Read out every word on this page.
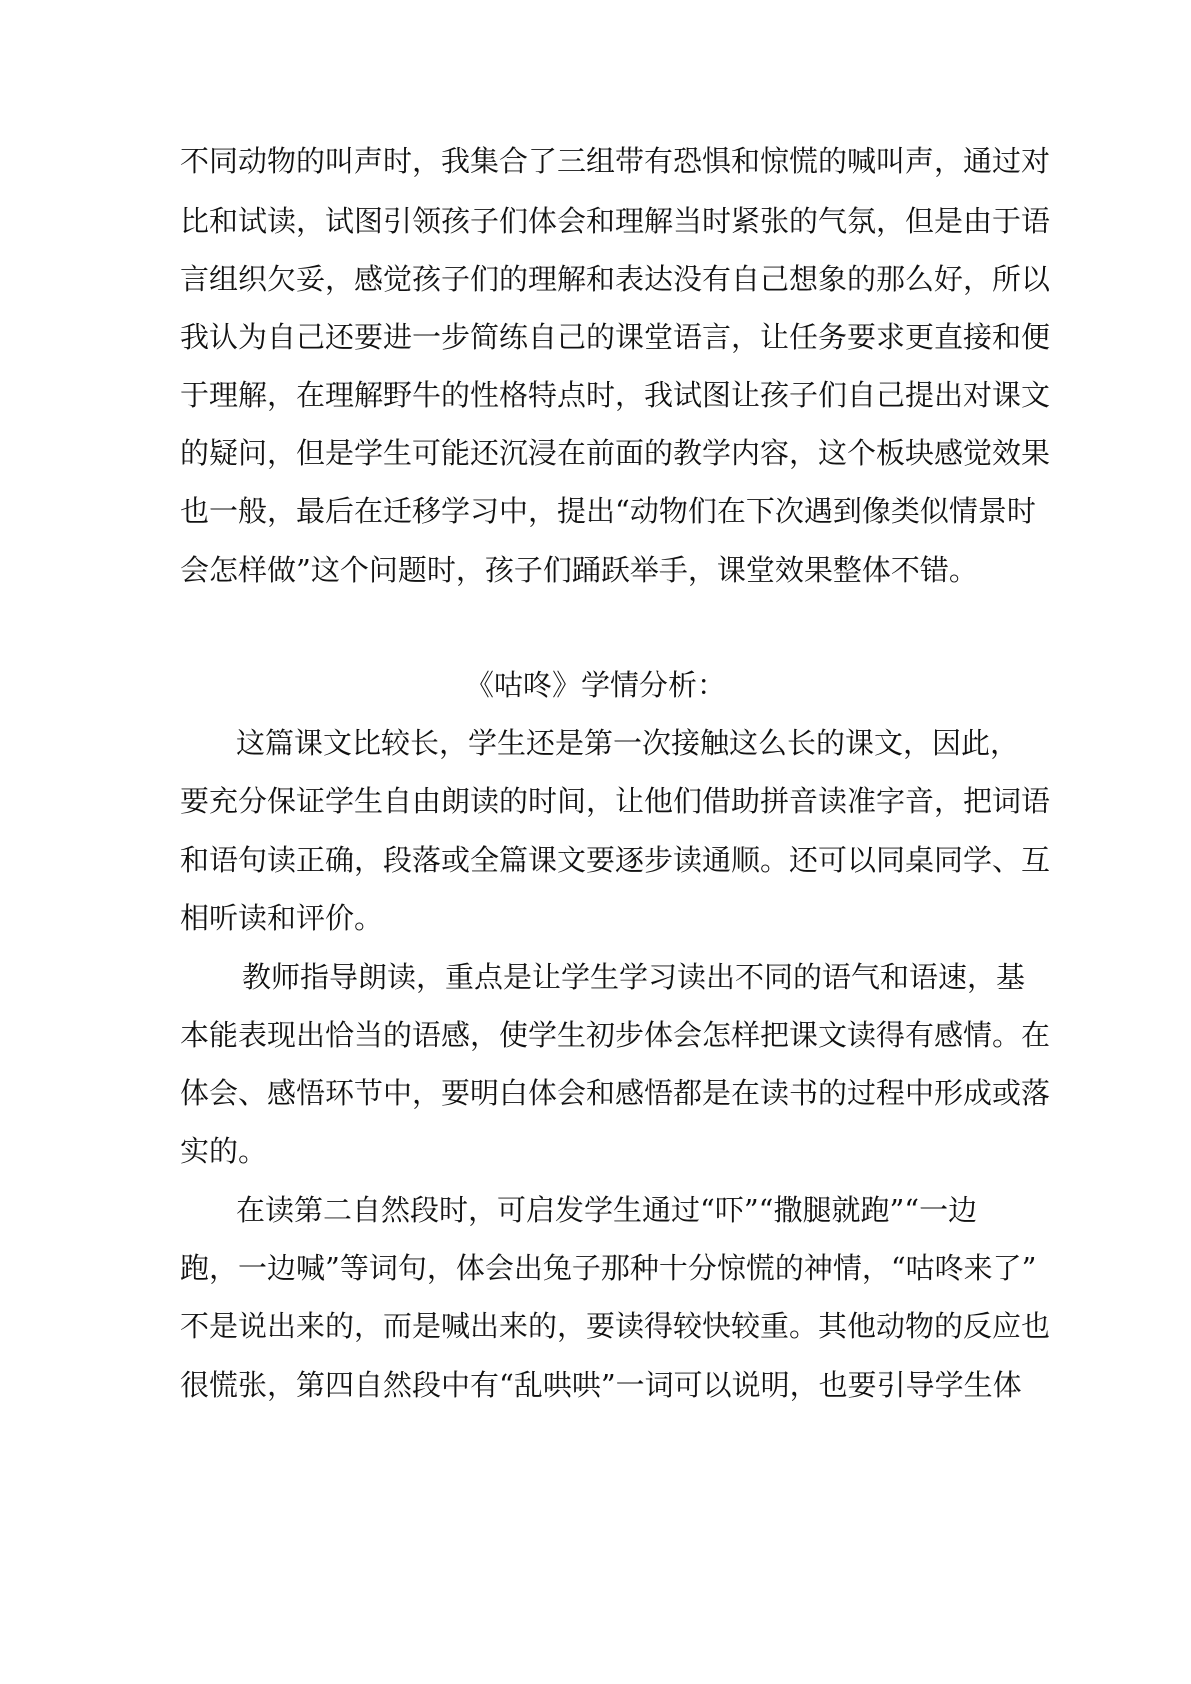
不同动物的叫声时，我集合了三组带有恐惧和惊慌的喊叫声，通过对
比和试读，试图引领孩子们体会和理解当时紧张的气氛，但是由于语
言组织欠妥，感觉孩子们的理解和表达没有自己想象的那么好，所以
我认为自己还要进一步简练自己的课堂语言，让任务要求更直接和便
于理解，在理解野牛的性格特点时，我试图让孩子们自己提出对课文
的疑问，但是学生可能还沉浸在前面的教学内容，这个板块感觉效果
也一般，最后在迁移学习中，提出“动物们在下次遇到像类似情景时
会怎样做”这个问题时，孩子们踊跃举手，课堂效果整体不错。
《咕咚》学情分析：
这篇课文比较长，学生还是第一次接触这么长的课文，因此，
要充分保证学生自由朗读的时间，让他们借助拼音读准字音，把词语
和语句读正确，段落或全篇课文要逐步读通顺。还可以同桌同学、互
相听读和评价。
教师指导朗读，重点是让学生学习读出不同的语气和语速，基
本能表现出恰当的语感，使学生初步体会怎样把课文读得有感情。在
体会、感悟环节中，要明白体会和感悟都是在读书的过程中形成或落
实的。
在读第二自然段时，可启发学生通过“吓”“撒腿就跑”“一边
跑，一边喊”等词句，体会出兔子那种十分惊慌的神情，“咕咚来了”
不是说出来的，而是喊出来的，要读得较快较重。其他动物的反应也
很慌张，第四自然段中有“乱哄哄”一词可以说明，也要引导学生体
